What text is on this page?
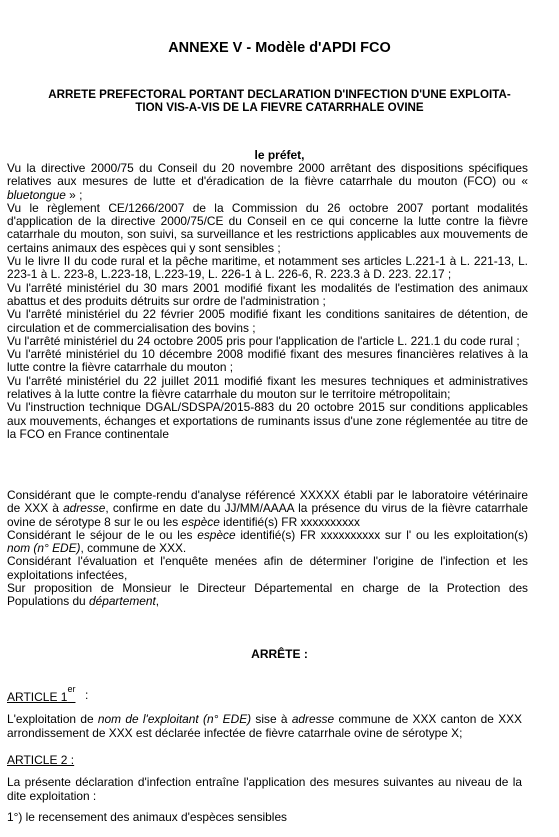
ANNEXE V - Modèle d'APDI FCO
ARRETE PREFECTORAL PORTANT DECLARATION D'INFECTION D'UNE EXPLOITA-
TION VIS-A-VIS DE LA FIEVRE CATARRHALE OVINE
le préfet,

Vu la directive 2000/75 du Conseil du 20 novembre 2000 arrêtant des dispositions spécifiques relatives aux mesures de lutte et d'éradication de la fièvre catarrhale du mouton (FCO) ou « bluetongue » ;

Vu le règlement CE/1266/2007 de la Commission du 26 octobre 2007 portant modalités d'application de la directive 2000/75/CE du Conseil en ce qui concerne la lutte contre la fièvre catarrhale du mouton, son suivi, sa surveillance et les restrictions applicables aux mouvements de certains animaux des espèces qui y sont sensibles ;

Vu le livre II du code rural et la pêche maritime, et notamment ses articles L.221-1 à L. 221-13, L. 223-1 à L. 223-8, L.223-18, L.223-19, L. 226-1 à L. 226-6, R. 223.3 à D. 223. 22.17 ;

Vu l'arrêté ministériel du 30 mars 2001 modifié fixant les modalités de l'estimation des animaux abattus et des produits détruits sur ordre de l'administration ;

Vu l'arrêté ministériel du 22 février 2005 modifié fixant les conditions sanitaires de détention, de circulation et de commercialisation des bovins ;

Vu l'arrêté ministériel du 24 octobre 2005 pris pour l'application de l'article L. 221.1 du code rural ;

Vu l'arrêté ministériel du 10 décembre 2008 modifié fixant des mesures financières relatives à la lutte contre la fièvre catarrhale du mouton ;

Vu l'arrêté ministériel du 22 juillet 2011 modifié fixant les mesures techniques et administratives relatives à la lutte contre la fièvre catarrhale du mouton sur le territoire métropolitain;

Vu l'instruction technique DGAL/SDSPA/2015-883 du 20 octobre 2015 sur conditions applicables aux mouvements, échanges et exportations de ruminants issus d'une zone réglementée au titre de la FCO en France continentale

Considérant que le compte-rendu d'analyse référencé XXXXX établi par le laboratoire vétérinaire de XXX à adresse, confirme en date du JJ/MM/AAAA la présence du virus de la fièvre catarrhale ovine de sérotype 8 sur le ou les espèce identifié(s) FR xxxxxxxxxx

Considérant le séjour de le ou les espèce identifié(s) FR xxxxxxxxxx sur l' ou les exploitation(s) nom (n° EDE), commune de XXX.

Considérant l'évaluation et l'enquête menées afin de déterminer l'origine de l'infection et les exploitations infectées,

Sur proposition de Monsieur le Directeur Départemental en charge de la Protection des Populations du département,

ARRÊTE :
ARTICLE 1er :
L'exploitation de nom de l'exploitant (n° EDE) sise à adresse commune de XXX canton de XXX arrondissement de XXX est déclarée infectée de fièvre catarrhale ovine de sérotype X;
ARTICLE 2 :
La présente déclaration d'infection entraîne l'application des mesures suivantes au niveau de la dite exploitation :
1°) le recensement des animaux d'espèces sensibles
